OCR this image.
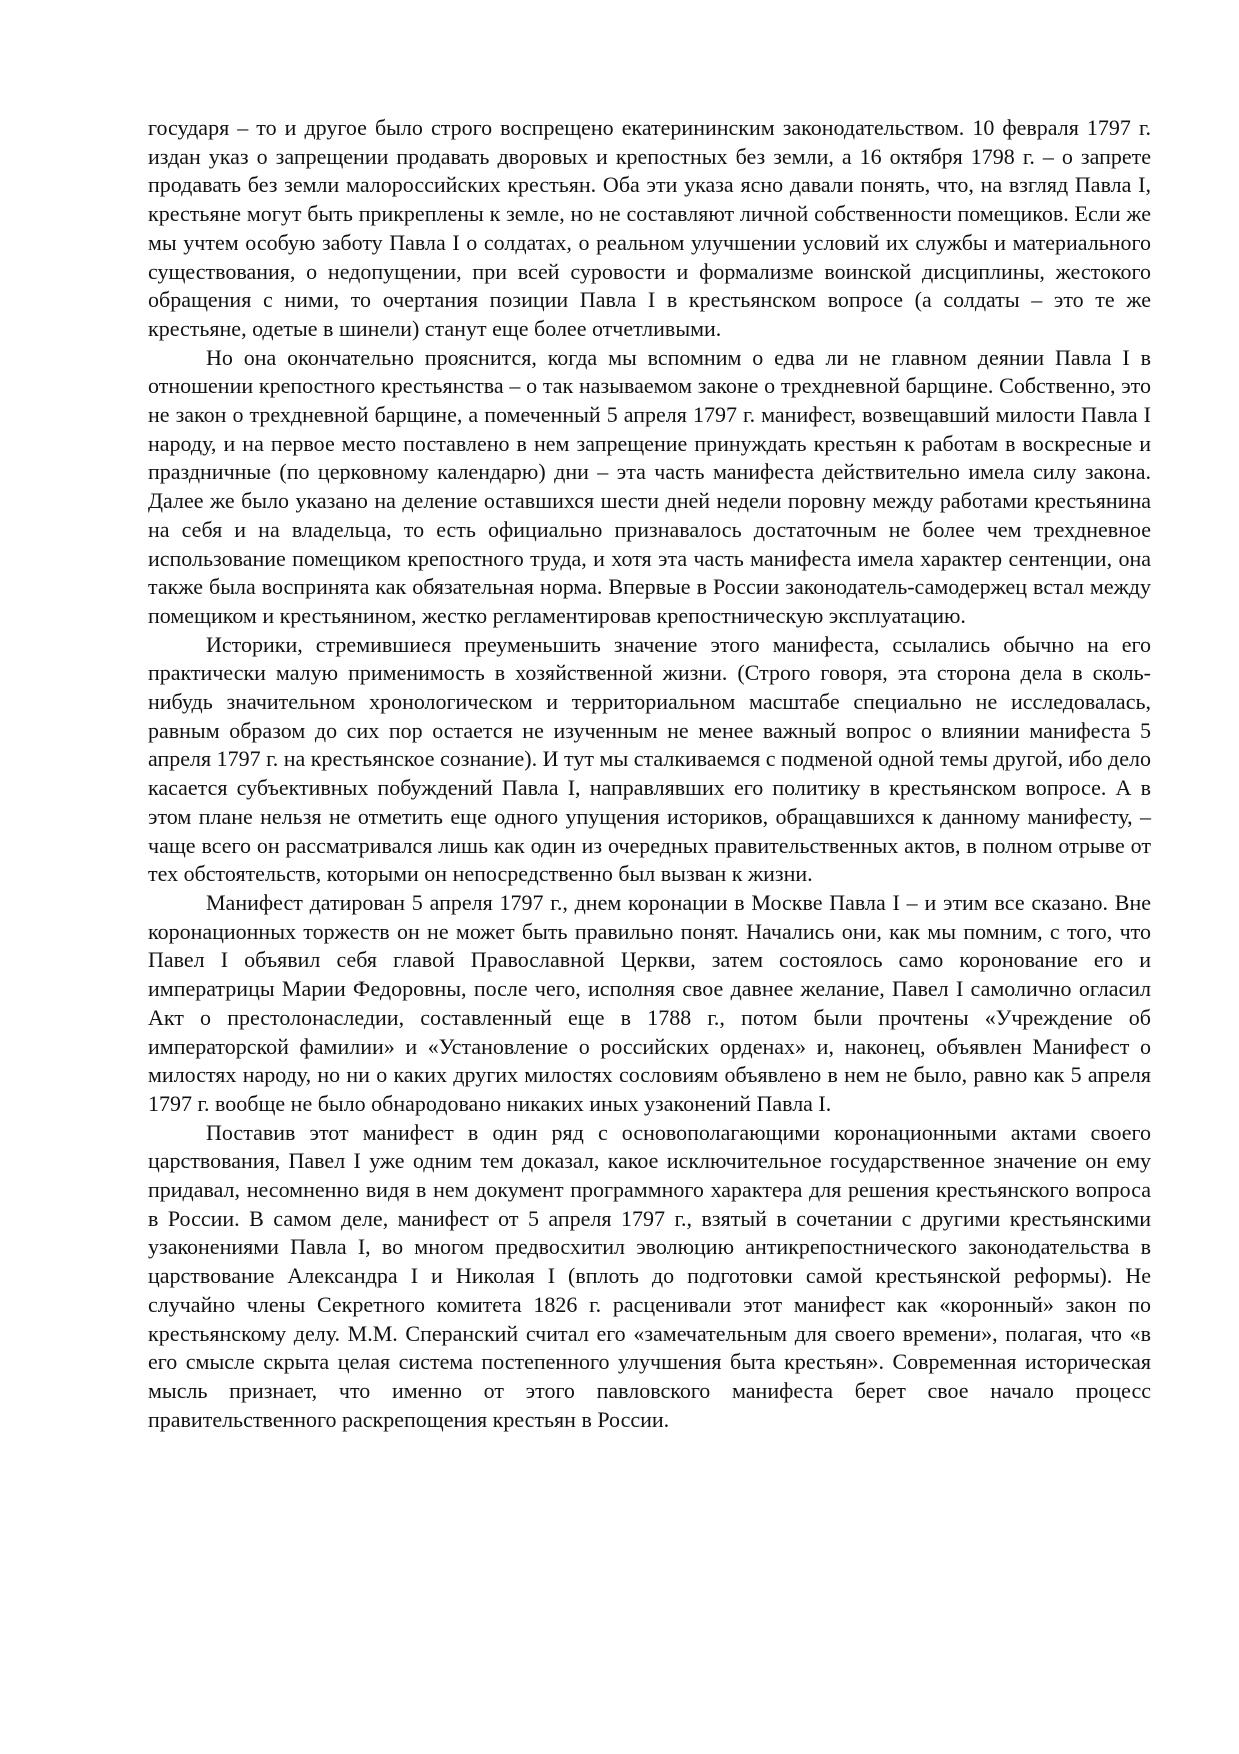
государя – то и другое было строго воспрещено екатерининским законодательством. 10 февраля 1797 г. издан указ о запрещении продавать дворовых и крепостных без земли, а 16 октября 1798 г. – о запрете продавать без земли малороссийских крестьян. Оба эти указа ясно давали понять, что, на взгляд Павла I, крестьяне могут быть прикреплены к земле, но не составляют личной собственности помещиков. Если же мы учтем особую заботу Павла I о солдатах, о реальном улучшении условий их службы и материального существования, о недопущении, при всей суровости и формализме воинской дисциплины, жестокого обращения с ними, то очертания позиции Павла I в крестьянском вопросе (а солдаты – это те же крестьяне, одетые в шинели) станут еще более отчетливыми.

Но она окончательно прояснится, когда мы вспомним о едва ли не главном деянии Павла I в отношении крепостного крестьянства – о так называемом законе о трехдневной барщине. Собственно, это не закон о трехдневной барщине, а помеченный 5 апреля 1797 г. манифест, возвещавший милости Павла I народу, и на первое место поставлено в нем запрещение принуждать крестьян к работам в воскресные и праздничные (по церковному календарю) дни – эта часть манифеста действительно имела силу закона. Далее же было указано на деление оставшихся шести дней недели поровну между работами крестьянина на себя и на владельца, то есть официально признавалось достаточным не более чем трехдневное использование помещиком крепостного труда, и хотя эта часть манифеста имела характер сентенции, она также была воспринята как обязательная норма. Впервые в России законодатель-самодержец встал между помещиком и крестьянином, жестко регламентировав крепостническую эксплуатацию.

Историки, стремившиеся преуменьшить значение этого манифеста, ссылались обычно на его практически малую применимость в хозяйственной жизни. (Строго говоря, эта сторона дела в сколь-нибудь значительном хронологическом и территориальном масштабе специально не исследовалась, равным образом до сих пор остается не изученным не менее важный вопрос о влиянии манифеста 5 апреля 1797 г. на крестьянское сознание). И тут мы сталкиваемся с подменой одной темы другой, ибо дело касается субъективных побуждений Павла I, направлявших его политику в крестьянском вопросе. А в этом плане нельзя не отметить еще одного упущения историков, обращавшихся к данному манифесту, – чаще всего он рассматривался лишь как один из очередных правительственных актов, в полном отрыве от тех обстоятельств, которыми он непосредственно был вызван к жизни.

Манифест датирован 5 апреля 1797 г., днем коронации в Москве Павла I – и этим все сказано. Вне коронационных торжеств он не может быть правильно понят. Начались они, как мы помним, с того, что Павел I объявил себя главой Православной Церкви, затем состоялось само коронование его и императрицы Марии Федоровны, после чего, исполняя свое давнее желание, Павел I самолично огласил Акт о престолонаследии, составленный еще в 1788 г., потом были прочтены «Учреждение об императорской фамилии» и «Установление о российских орденах» и, наконец, объявлен Манифест о милостях народу, но ни о каких других милостях сословиям объявлено в нем не было, равно как 5 апреля 1797 г. вообще не было обнародовано никаких иных узаконений Павла I.

Поставив этот манифест в один ряд с основополагающими коронационными актами своего царствования, Павел I уже одним тем доказал, какое исключительное государственное значение он ему придавал, несомненно видя в нем документ программного характера для решения крестьянского вопроса в России. В самом деле, манифест от 5 апреля 1797 г., взятый в сочетании с другими крестьянскими узаконениями Павла I, во многом предвосхитил эволюцию антикрепостнического законодательства в царствование Александра I и Николая I (вплоть до подготовки самой крестьянской реформы). Не случайно члены Секретного комитета 1826 г. расценивали этот манифест как «коронный» закон по крестьянскому делу. М.М. Сперанский считал его «замечательным для своего времени», полагая, что «в его смысле скрыта целая система постепенного улучшения быта крестьян». Современная историческая мысль признает, что именно от этого павловского манифеста берет свое начало процесс правительственного раскрепощения крестьян в России.
